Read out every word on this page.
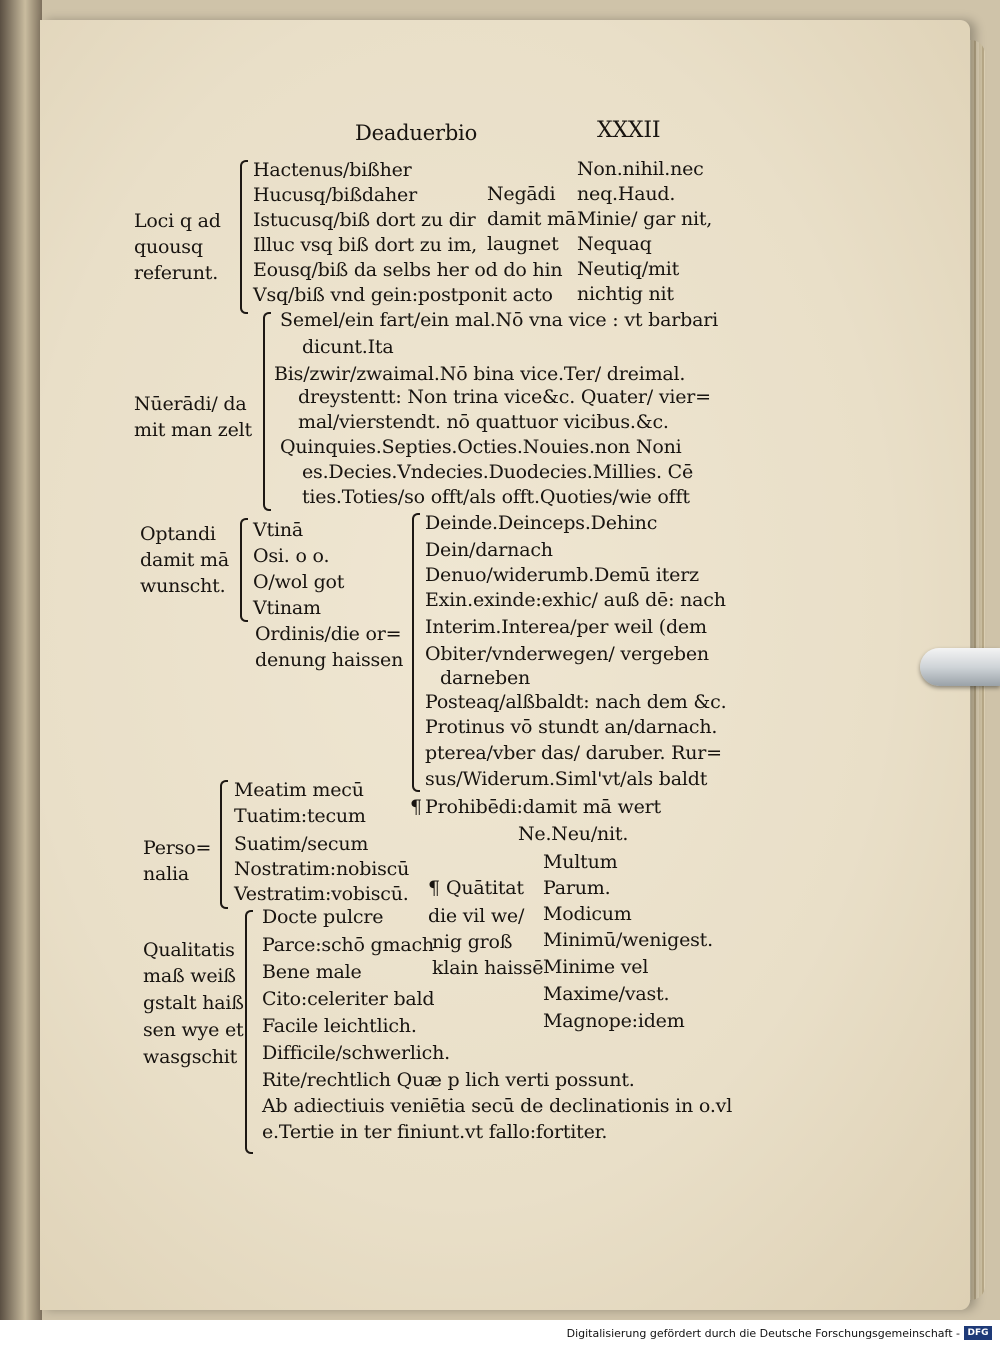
Deaduerbio	XXXII
Loci q ad
quousq
referunt.
Hactenus/bißher
Hucusq/bißdaher
Istucusq/biß dort zu dir
Illuc vsq biß dort zu im,
Eousq/biß da selbs her od do hin
Vsq/biß vnd gein:postponit acto
Negādi
damit mā
laugnet
Non.nihil.nec
neq.Haud.
Minie/ gar nit,
Nequaq
Neutiq/mit
nichtig nit
Nūerādi/ da
mit man zelt
Semel/ein fart/ein mal.Nō vna vice : vt barbari
dicunt.Ita
Bis/zwir/zwaimal.Nō bina vice.Ter/ dreimal.
dreystentt: Non trina vice&c. Quater/ vier=
mal/vierstendt. nō quattuor vicibus.&c.
Quinquies.Septies.Octies.Nouies.non Noni
es.Decies.Vndecies.Duodecies.Millies. Cē
ties.Toties/so offt/als offt.Quoties/wie offt
Optandi
damit mā
wunscht.
Vtinā
Osi. o o.
O/wol got
Vtinam
Ordinis/die or=
denung haissen
Deinde.Deinceps.Dehinc
Dein/darnach
Denuo/widerumb.Demū iterz
Exin.exinde:exhic/ auß dē: nach
Interim.Interea/per weil (dem
Obiter/vnderwegen/ vergeben
darneben
Posteaq/alßbaldt: nach dem &c.
Protinus vō stundt an/darnach.
pterea/vber das/ daruber. Rur=
sus/Widerum.Siml'vt/als baldt
¶ Prohibēdi:damit mā wert
Ne.Neu/nit.
Perso=
nalia
Meatim mecū
Tuatim:tecum
Suatim/secum
Nostratim:nobiscū
Vestratim:vobiscū. ¶ Quātitat
die vil we/
nig groß
klain haissē
Multum
Parum.
Modicum
Minimū/wenigest.
Minime vel
Maxime/vast.
Magnope:idem
Qualitatis
maß weiß
gstalt haiß
sen wye et
wasgschit
Docte pulcre
Parce:schō gmach
Bene male
Cito:celeriter bald
Facile leichtlich.
Difficile/schwerlich.
Rite/rechtlich Quæ p lich verti possunt.
Ab adiectiuis veniētia secū de declinationis in o.vl
e.Tertie in ter finiunt.vt fallo:fortiter.
Digitalisierung gefördert durch die Deutsche Forschungsgemeinschaft - DFG
